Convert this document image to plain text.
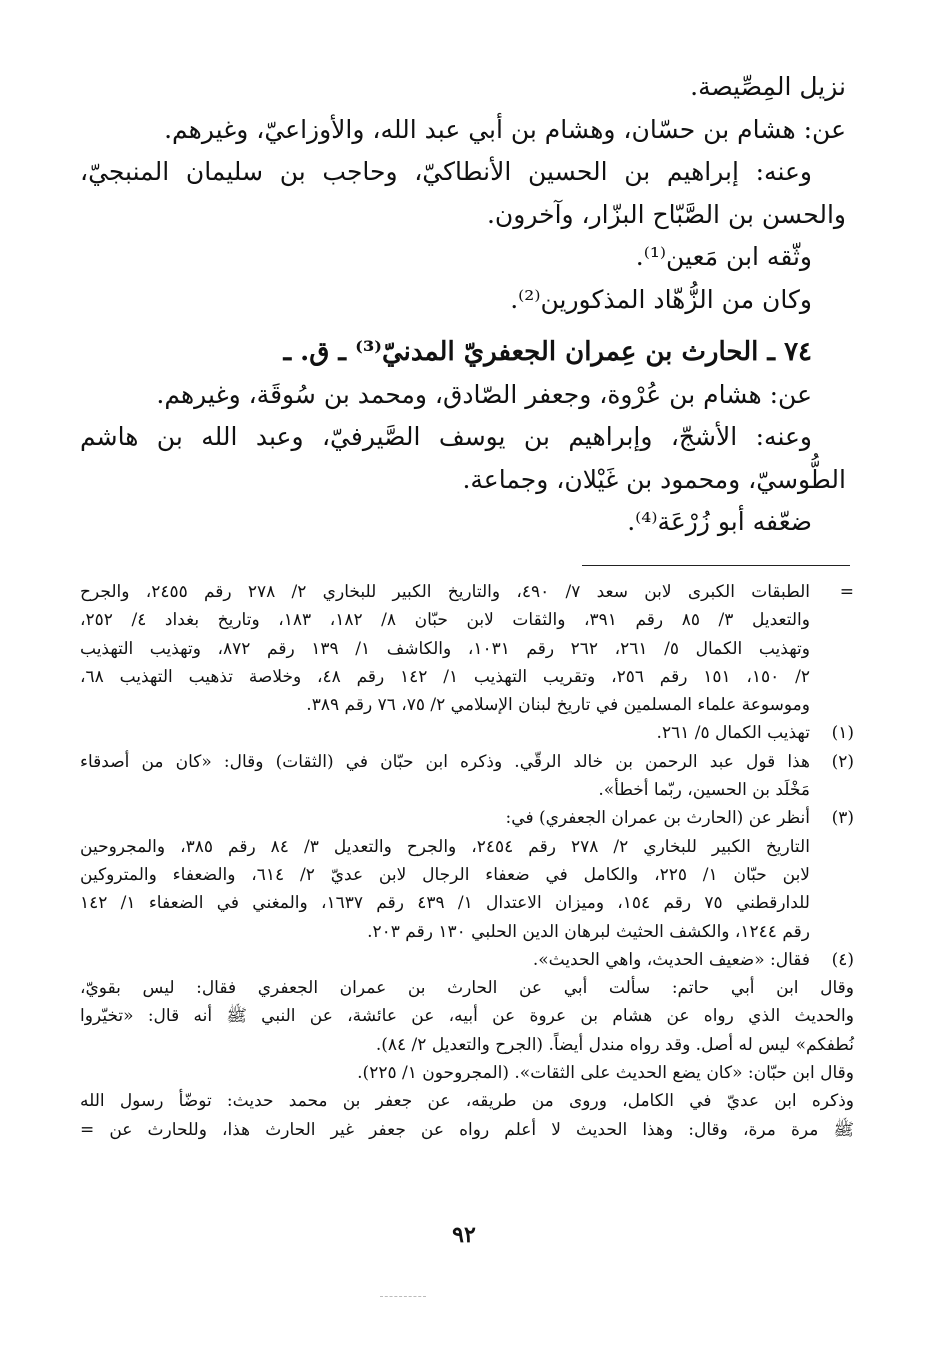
نزيل المِصِّيصة.

عن: هشام بن حسّان، وهشام بن أبي عبد الله، والأوزاعيّ، وغيرهم.

وعنه: إبراهيم بن الحسين الأنطاكيّ، وحاجب بن سليمان المنبجيّ،

والحسن بن الصَّبّاح البزّار، وآخرون.

وثّقه ابن مَعين⁽¹⁾.

وكان من الزُّهّاد المذكورين⁽²⁾.

٧٤ ـ الحارث بن عِمران الجعفريّ المدنيّ⁽³⁾ ـ ق. ـ

عن: هشام بن عُرْوة، وجعفر الصّادق، ومحمد بن سُوقَة، وغيرهم.

وعنه: الأشجّ، وإبراهيم بن يوسف الصَّيرفيّ، وعبد الله بن هاشم

الطُّوسيّ، ومحمود بن غَيْلان، وجماعة.

ضعّفه أبو زُرْعَة⁽⁴⁾.

=
الطبقات الكبرى لابن سعد ٧/ ٤٩٠، والتاريخ الكبير للبخاري ٢/ ٢٧٨ رقم ٢٤٥٥، والجرح
والتعديل ٣/ ٨٥ رقم ٣٩١، والثقات لابن حبّان ٨/ ١٨٢، ١٨٣، وتاريخ بغداد ٤/ ٢٥٢،
وتهذيب الكمال ٥/ ٢٦١، ٢٦٢ رقم ١٠٣١، والكاشف ١/ ١٣٩ رقم ٨٧٢، وتهذيب التهذيب
٢/ ١٥٠، ١٥١ رقم ٢٥٦، وتقريب التهذيب ١/ ١٤٢ رقم ٤٨، وخلاصة تذهيب التهذيب ٦٨،
وموسوعة علماء المسلمين في تاريخ لبنان الإسلامي ٢/ ٧٥، ٧٦ رقم ٣٨٩.
(١)
تهذيب الكمال ٥/ ٢٦١.
(٢)
هذا قول عبد الرحمن بن خالد الرقّي. وذكره ابن حبّان في (الثقات) وقال: «كان من أصدقاء
مَخْلَد بن الحسين، ربّما أخطأ».
(٣)
أنظر عن (الحارث بن عمران الجعفري) في:
التاريخ الكبير للبخاري ٢/ ٢٧٨ رقم ٢٤٥٤، والجرح والتعديل ٣/ ٨٤ رقم ٣٨٥، والمجروحين
لابن حبّان ١/ ٢٢٥، والكامل في ضعفاء الرجال لابن عديّ ٢/ ٦١٤، والضعفاء والمتروكين
للدارقطني ٧٥ رقم ١٥٤، وميزان الاعتدال ١/ ٤٣٩ رقم ١٦٣٧، والمغني في الضعفاء ١/ ١٤٢
رقم ١٢٤٤، والكشف الحثيث لبرهان الدين الحلبي ١٣٠ رقم ٢٠٣.
(٤)
فقال: «ضعيف الحديث، واهي الحديث».
وقال ابن أبي حاتم: سألت أبي عن الحارث بن عمران الجعفري فقال: ليس بقويّ،
والحديث الذي رواه عن هشام بن عروة عن أبيه، عن عائشة، عن النبي ﷺ أنه قال: «تخيّروا
نُطفكم» ليس له أصل. وقد رواه مندل أيضاً. (الجرح والتعديل ٢/ ٨٤).
وقال ابن حبّان: «كان يضع الحديث على الثقات». (المجروحون ١/ ٢٢٥).
وذكره ابن عديّ في الكامل، وروى من طريقه، عن جعفر بن محمد حديث: توضّأ رسول الله
ﷺ مرة مرة، وقال: وهذا الحديث لا أعلم رواه عن جعفر غير الحارث هذا، وللحارث عن =
٩٢
